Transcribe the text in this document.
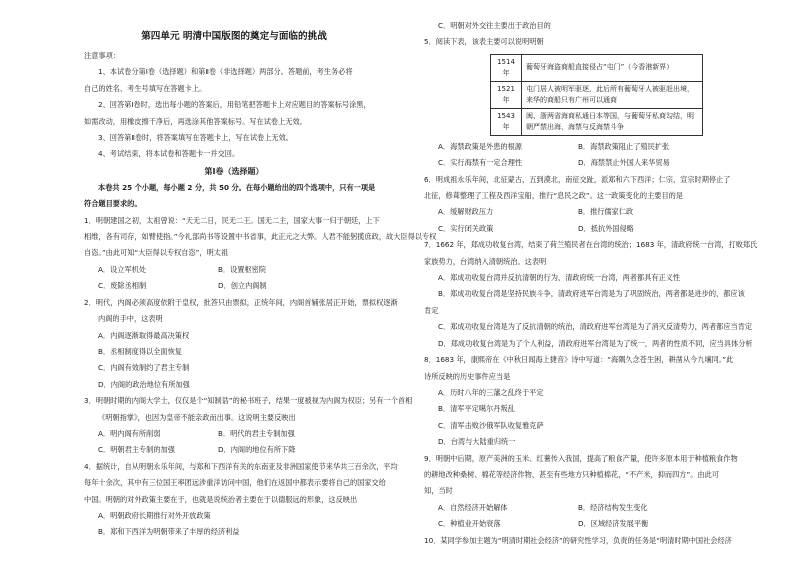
第四单元 明清中国版图的奠定与面临的挑战
注意事项：
1、本试卷分第Ⅰ卷（选择题）和第Ⅱ卷（非选择题）两部分。答题前，考生务必将
自己的姓名、考生号填写在答题卡上。
2、回答第Ⅰ卷时，选出每小题的答案后，用铅笔把答题卡上对应题目的答案标号涂黑，
如需改动，用橡皮擦干净后，再选涂其他答案标号。写在试卷上无效。
3、回答第Ⅱ卷时，将答案填写在答题卡上，写在试卷上无效。
4、考试结束，将本试卷和答题卡一并交回。
第Ⅰ卷（选择题）
本卷共 25 个小题，每小题 2 分，共 50 分。在每小题给出的四个选项中，只有一项是
符合题目要求的。
1．明朝建国之初，太祖曾说：“天无二日，民无二王。国无二主，国家大事一归于朝廷，上下
相维，各有司存，如臂使指。”今礼部尚书等设置中书省事，此正元之大弊。人君不能躬揽庶政，故大臣得以专权
自恣。”由此可知“大臣得以专权自恣”，明太祖
A．设立军机处	B．设置枢密院
C．废除丞相制	D．创立内阁制
2．明代，内阁必须高度依附于皇权，批答只由票拟，正统年间，内阁首辅张居正开始，票拟权逐渐
内阁的手中，这表明
A．内阁逐渐取得最高决策权
B．丞相制度得以全面恢复
C．内阁有效制约了君主专制
D．内阁的政治地位有所加强
3．明朝时期的内阁大学士，仅仅是个“知制诰”的秘书班子，结果一度被视为内阁为权臣；另有一个首相
《明朝指掌》，也因为皇帝不能亲政而出事。这说明主要反映出
A．明内阁有所削弱	B．明代的君主专制加强
C．明朝君主专制的加强	D．内阁的地位有所下降
4．据统计，自从明朝永乐年间，与郑和下西洋有关的东南亚及非洲国家使节来华共三百余次，平均
每年十余次，其中有三位国王率团远涉重洋访问中国，他们在返国中都表示要将自己的国家交给
中国。明朝的对外政策主要在于，也就是说统治者主要在于以德服远的形象，这反映出
A．明朝政府长期推行对外开放政策
B．郑和下西洋为明朝带来了丰厚的经济利益
C．明朝对外交往主要出于政治目的
5．阅读下表，该表主要可以说明明朝
1514 年	葡萄牙海盗商船直接侵占“屯门”（今香港新界）
1521 年	屯门居人被明军驱逐，此后所有葡萄牙人被驱赶出境，来华的商船只有广州可以通商
1543 年	闽、浙两省海商私通日本等国，与葡萄牙私商勾结，明朝严禁出海，海禁与反海禁斗争
A．海禁政策是外患的根源	B．海禁政策阻止了殖民扩张
C．实行海禁有一定合理性	D．海禁禁止外国人来华贸易
6．明成祖永乐年间，北征蒙古，五到漠北，南征交趾，派郑和六下西洋；仁宗、宣宗时期停止了
北征，修葺整理了工程及西洋宝船，推行“息民之政”。这一政策变化的主要目的是
A．缓解财政压力	B．推行儒家仁政
C．实行闭关政策	D．抵抗外国侵略
7．1662 年，郑成功收复台湾，结束了荷兰殖民者在台湾的统治；1683 年，清政府统一台湾，打败郑氏
家族势力，台湾纳入清朝统治。这表明
A．郑成功收复台湾并反抗清朝的行为，清政府统一台湾，两者都具有正义性
B．郑成功收复台湾是坚持民族斗争，清政府进军台湾是为了巩固统治，两者都是进步的，都应该
肯定
C．郑成功收复台湾是为了反抗清朝的统治，清政府进军台湾是为了消灭反清势力，两者都应当肯定
D．郑成功收复台湾是为了个人利益，清政府进军台湾是为了统一，两者的性质不同，应当具体分析
8．1683 年，康熙帝在《中秋日闻海上捷音》诗中写道：“海隅久念苍生困，耕凿从今九壤同。”此
诗所反映的历史事件应当是
A．历时八年的三藩之乱终于平定
B．清军平定噶尔丹叛乱
C．清军击败沙俄军队收复雅克萨
D．台湾与大陆重归统一
9．明朝中后期，原产美洲的玉米、红薯传入我国，提高了粮食产量，使许多原本用于种植粮食作物
的耕地改种桑树、棉花等经济作物，甚至有些地方只种植棉花，“不产米，抑而四方”。由此可
知，当时
A．自然经济开始解体	B．经济结构发生变化
C．种植业开始衰落	D．区域经济发展平衡
10．某同学参加主题为“明清时期社会经济”的研究性学习，负责的任务是“明清时期中国社会经济
